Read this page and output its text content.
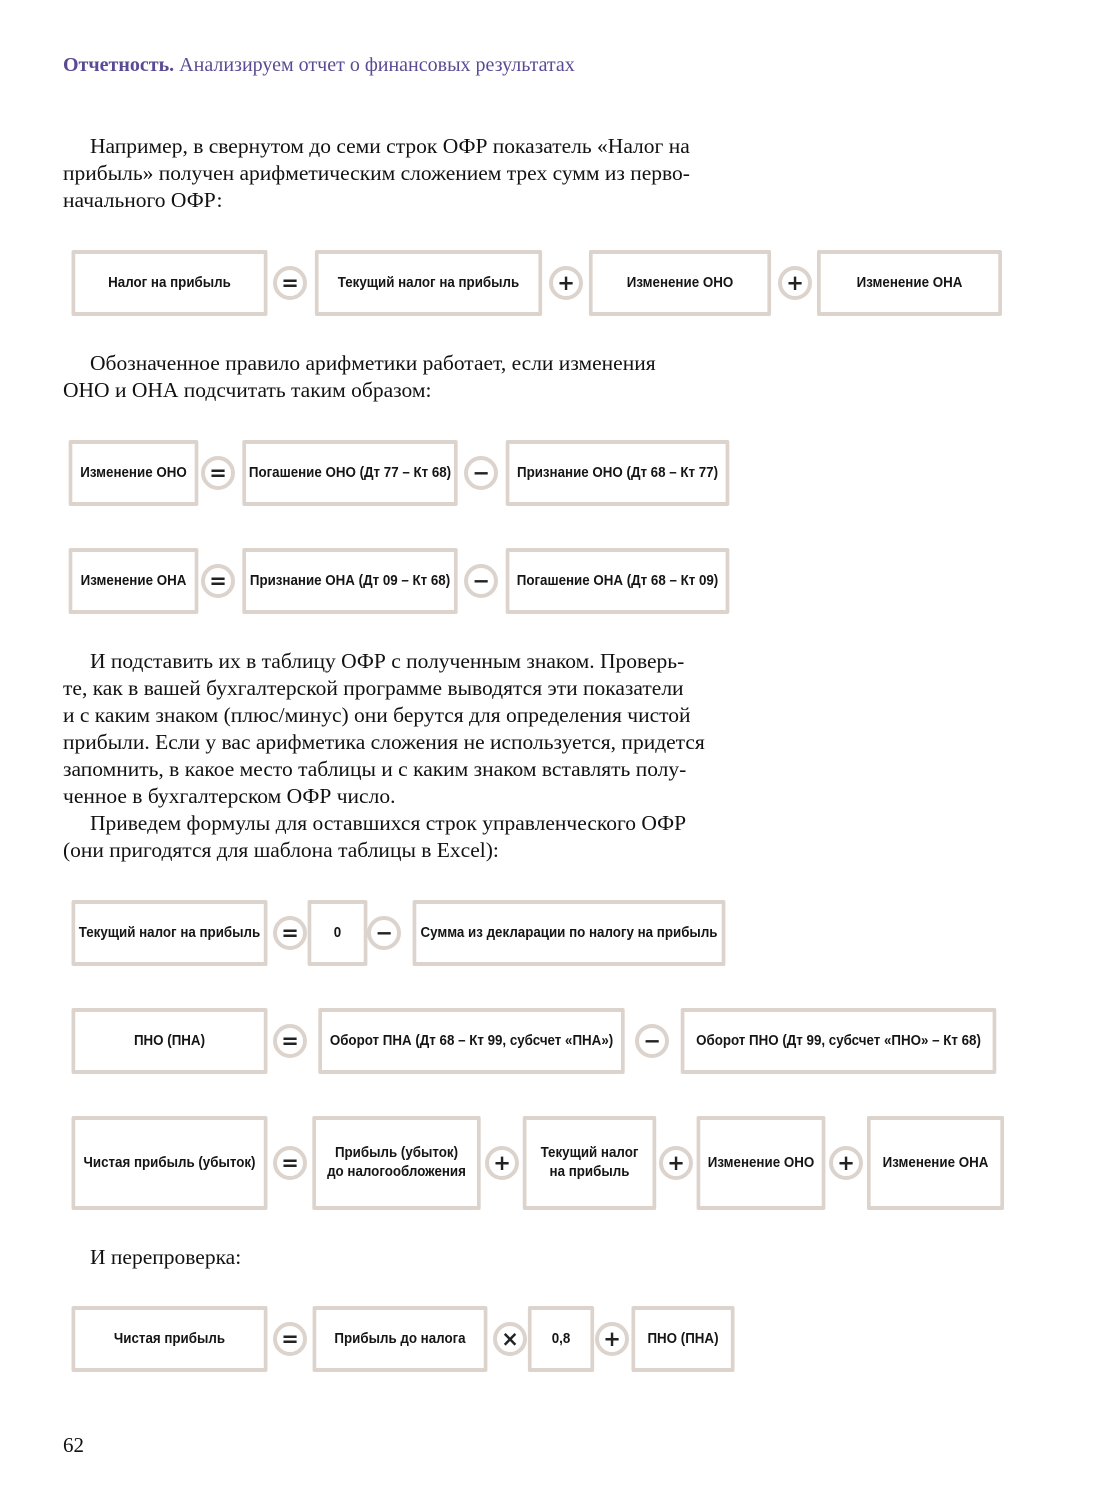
Отчетность. Анализируем отчет о финансовых результатах
Например, в свернутом до семи строк ОФР показатель «Налог на
прибыль» получен арифметическим сложением трех сумм из перво-
начального ОФР:
Налог на прибыль	=	Текущий налог на прибыль	+	Изменение ОНО	+	Изменение ОНА
Обозначенное правило арифметики работает, если изменения
ОНО и ОНА подсчитать таким образом:
Изменение ОНО	=	Погашение ОНО (Дт 77 – Кт 68)	−	Признание ОНО (Дт 68 – Кт 77)
Изменение ОНА	=	Признание ОНА (Дт 09 – Кт 68)	−	Погашение ОНА (Дт 68 – Кт 09)
И подставить их в таблицу ОФР с полученным знаком. Проверь-
те, как в вашей бухгалтерской программе выводятся эти показатели
и с каким знаком (плюс/минус) они берутся для определения чистой
прибыли. Если у вас арифметика сложения не используется, придется
запомнить, в какое место таблицы и с каким знаком вставлять полу-
ченное в бухгалтерском ОФР число.
Приведем формулы для оставшихся строк управленческого ОФР
(они пригодятся для шаблона таблицы в Excel):
Текущий налог на прибыль =	0	−	Сумма из декларации по налогу на прибыль
ПНО (ПНА)	=	Оборот ПНА (Дт 68 – Кт 99, субсчет «ПНА»)	−	Оборот ПНО (Дт 99, субсчет «ПНО» – Кт 68)
Чистая прибыль (убыток)	=	Прибыль (убыток)
до налогообложения	+	Текущий налог
на прибыль	+	Изменение ОНО	+	Изменение ОНА
И перепроверка:
Чистая прибыль	=	Прибыль до налога	×	0,8	+	ПНО (ПНА)
62
